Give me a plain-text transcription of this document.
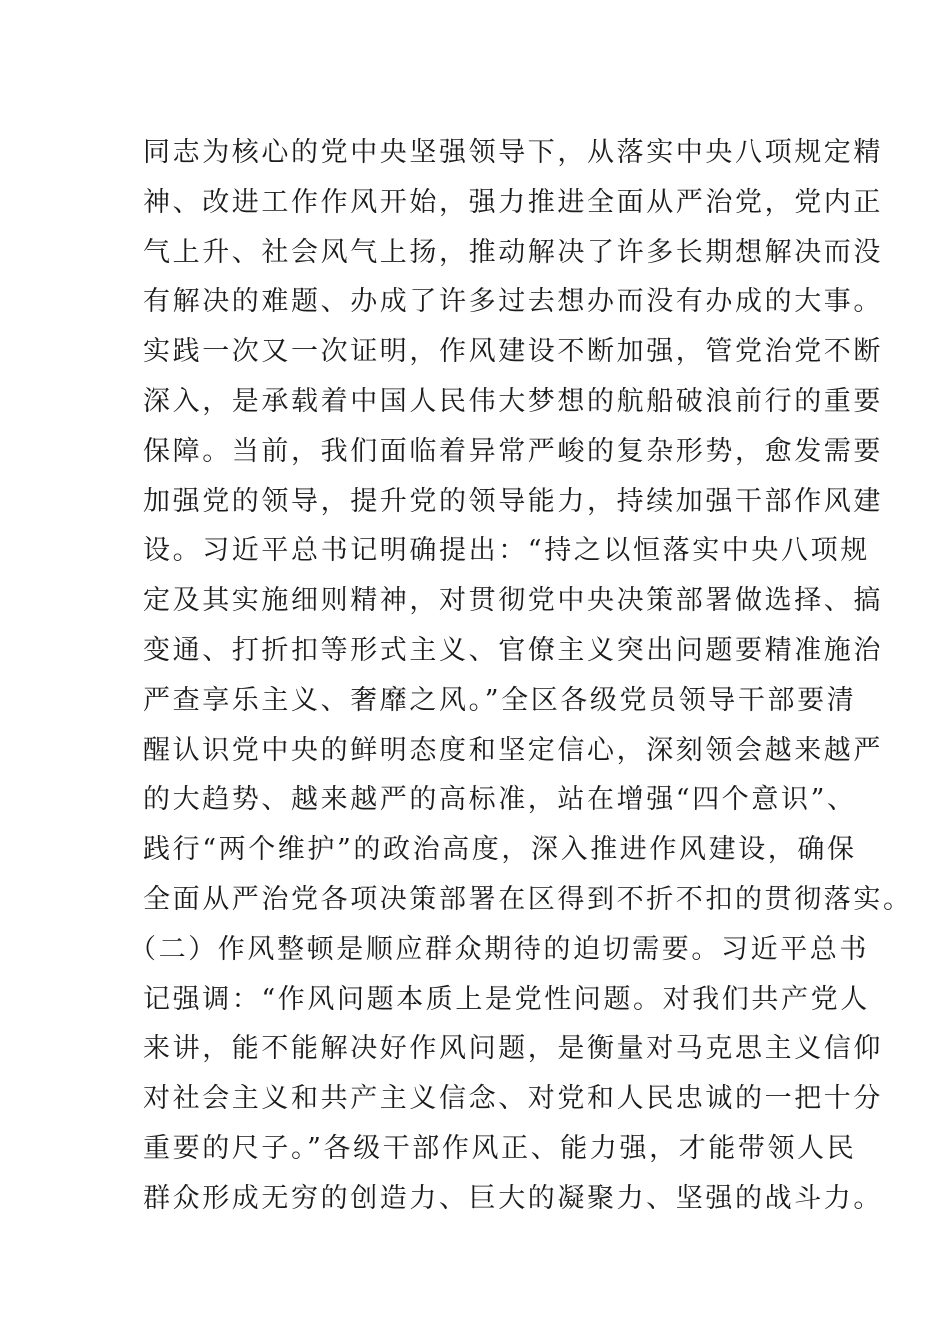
同志为核心的党中央坚强领导下，从落实中央八项规定精
神、改进工作作风开始，强力推进全面从严治党，党内正
气上升、社会风气上扬，推动解决了许多长期想解决而没
有解决的难题、办成了许多过去想办而没有办成的大事。
实践一次又一次证明，作风建设不断加强，管党治党不断
深入，是承载着中国人民伟大梦想的航船破浪前行的重要
保障。当前，我们面临着异常严峻的复杂形势，愈发需要
加强党的领导，提升党的领导能力，持续加强干部作风建
设。习近平总书记明确提出：“持之以恒落实中央八项规
定及其实施细则精神，对贯彻党中央决策部署做选择、搞
变通、打折扣等形式主义、官僚主义突出问题要精准施治
严查享乐主义、奢靡之风。”全区各级党员领导干部要清
醒认识党中央的鲜明态度和坚定信心，深刻领会越来越严
的大趋势、越来越严的高标准，站在增强“四个意识”、
践行“两个维护”的政治高度，深入推进作风建设，确保
全面从严治党各项决策部署在区得到不折不扣的贯彻落实。
（二）作风整顿是顺应群众期待的迫切需要。习近平总书
记强调：“作风问题本质上是党性问题。对我们共产党人
来讲，能不能解决好作风问题，是衡量对马克思主义信仰
对社会主义和共产主义信念、对党和人民忠诚的一把十分
重要的尺子。”各级干部作风正、能力强，才能带领人民
群众形成无穷的创造力、巨大的凝聚力、坚强的战斗力。
